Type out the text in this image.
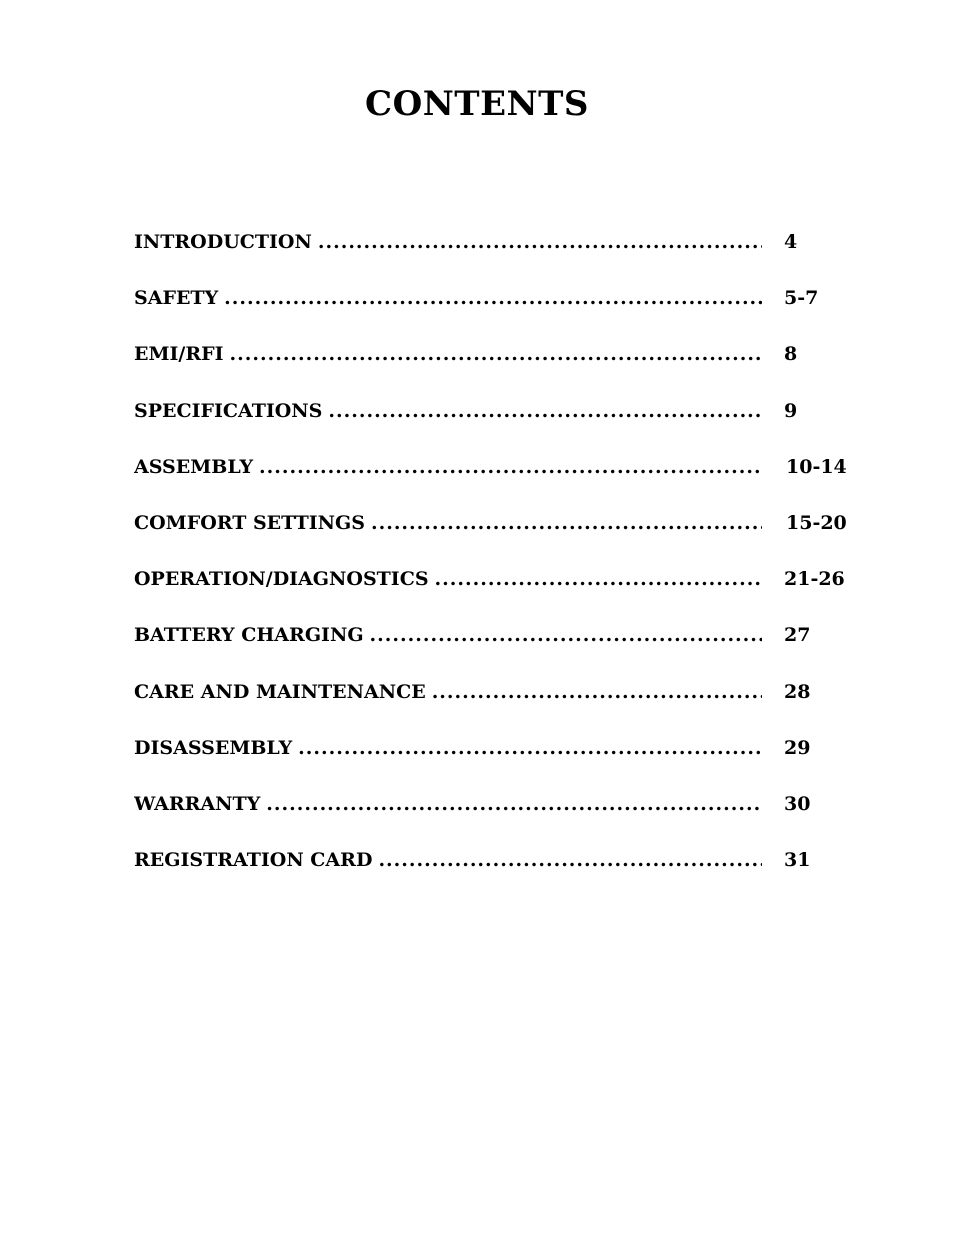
CONTENTS
INTRODUCTION .....	4
SAFETY .....	5-7
EMI/RFI .....	8
SPECIFICATIONS .....	9
ASSEMBLY .....	10-14
COMFORT SETTINGS .....	15-20
OPERATION/DIAGNOSTICS .....	21-26
BATTERY CHARGING .....	27
CARE AND MAINTENANCE .....	28
DISASSEMBLY .....	29
WARRANTY .....	30
REGISTRATION CARD .....	31
